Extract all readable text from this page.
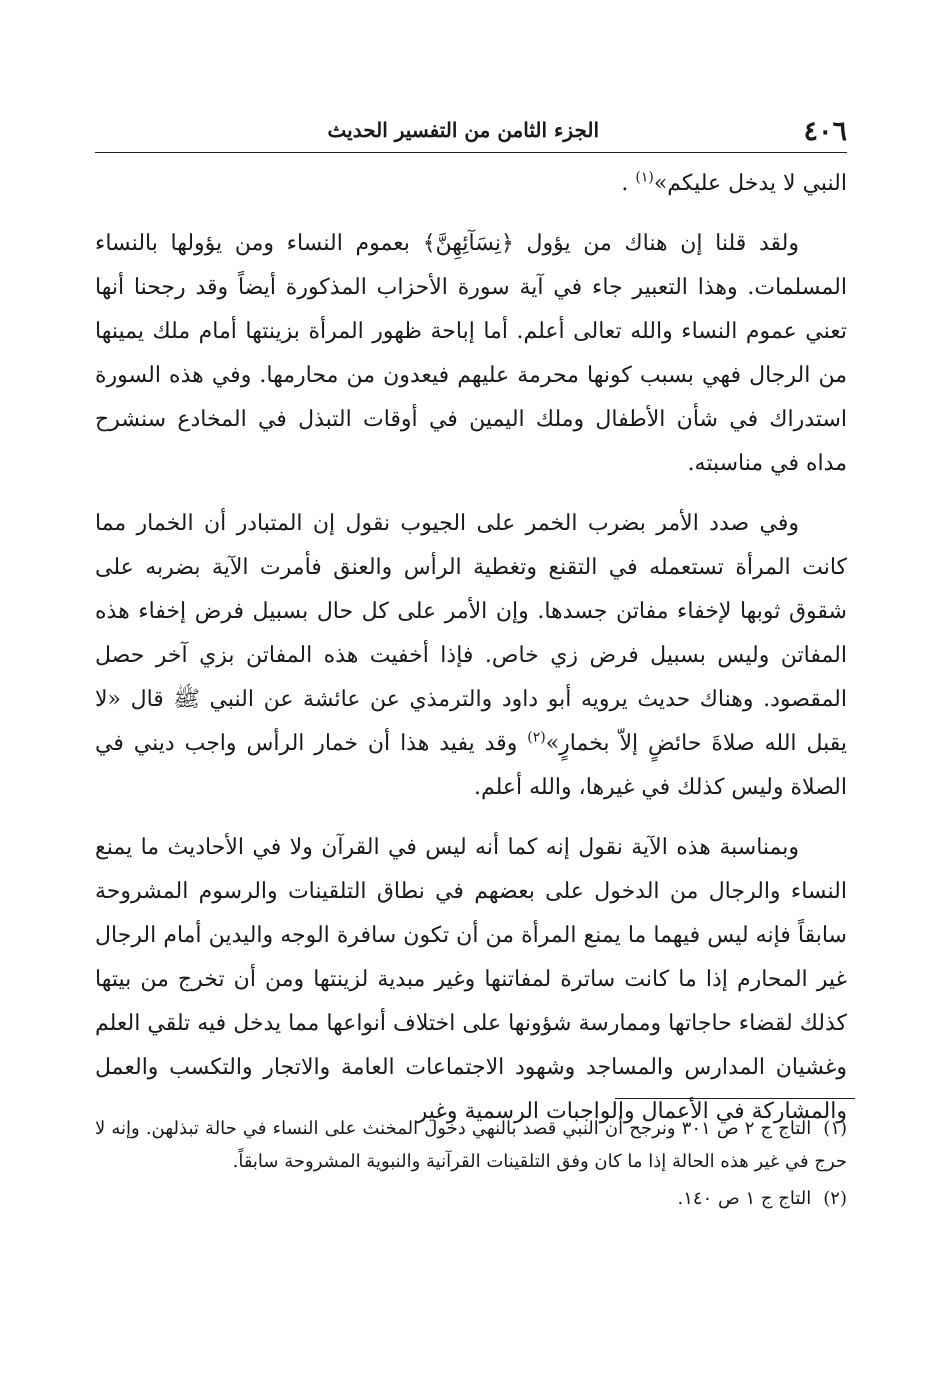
٤٠٦
الجزء الثامن من التفسير الحديث

النبي لا يدخل عليكم»$^{(١)}$ .

ولقد قلنا إن هناك من يؤول ﴿نِسَآئِهِنَّ﴾ بعموم النساء ومن يؤولها بالنساء المسلمات. وهذا التعبير جاء في آية سورة الأحزاب المذكورة أيضاً وقد رجحنا أنها تعني عموم النساء والله تعالى أعلم. أما إباحة ظهور المرأة بزينتها أمام ملك يمينها من الرجال فهي بسبب كونها محرمة عليهم فيعدون من محارمها. وفي هذه السورة استدراك في شأن الأطفال وملك اليمين في أوقات التبذل في المخادع سنشرح مداه في مناسبته.

وفي صدد الأمر بضرب الخمر على الجيوب نقول إن المتبادر أن الخمار مما كانت المرأة تستعمله في التقنع وتغطية الرأس والعنق فأمرت الآية بضربه على شقوق ثوبها لإخفاء مفاتن جسدها. وإن الأمر على كل حال بسبيل فرض إخفاء هذه المفاتن وليس بسبيل فرض زي خاص. فإذا أخفيت هذه المفاتن بزي آخر حصل المقصود. وهناك حديث يرويه أبو داود والترمذي عن عائشة عن النبي ﷺ قال «لا يقبل الله صلاةَ حائضٍ إلاّ بخمارٍ»$^{(٢)}$ وقد يفيد هذا أن خمار الرأس واجب ديني في الصلاة وليس كذلك في غيرها، والله أعلم.

وبمناسبة هذه الآية نقول إنه كما أنه ليس في القرآن ولا في الأحاديث ما يمنع النساء والرجال من الدخول على بعضهم في نطاق التلقينات والرسوم المشروحة سابقاً فإنه ليس فيهما ما يمنع المرأة من أن تكون سافرة الوجه واليدين أمام الرجال غير المحارم إذا ما كانت ساترة لمفاتنها وغير مبدية لزينتها ومن أن تخرج من بيتها كذلك لقضاء حاجاتها وممارسة شؤونها على اختلاف أنواعها مما يدخل فيه تلقي العلم وغشيان المدارس والمساجد وشهود الاجتماعات العامة والاتجار والتكسب والعمل والمشاركة في الأعمال والواجبات الرسمية وغير

(١)التاج ج ٢ ص ٣٠١ ونرجح أن النبي قصد بالنهي دخول المخنث على النساء في حالة تبذلهن. وإنه لا حرج في غير هذه الحالة إذا ما كان وفق التلقينات القرآنية والنبوية المشروحة سابقاً.
(٢)التاج ج ١ ص ١٤٠.
